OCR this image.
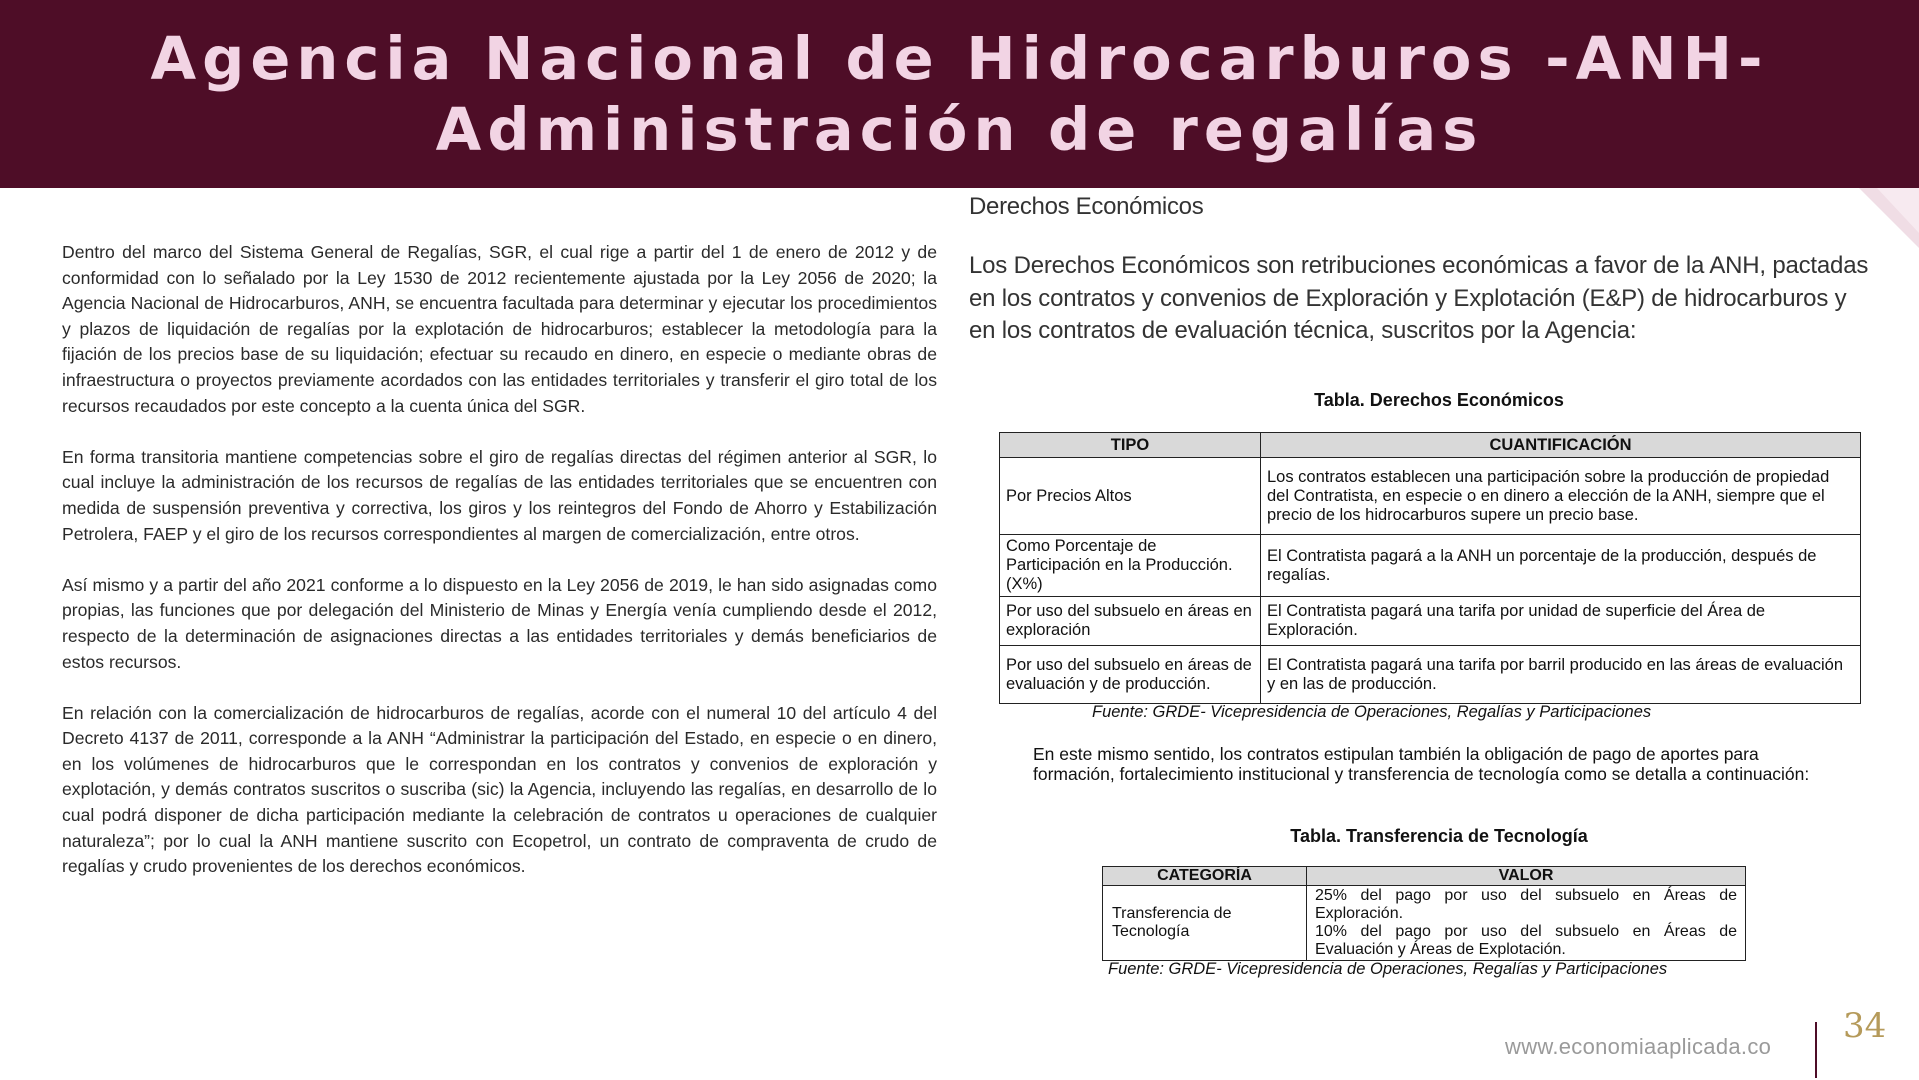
Agencia Nacional de Hidrocarburos -ANH-
Administración de regalías

Dentro del marco del Sistema General de Regalías, SGR, el cual rige a partir del 1 de enero de 2012 y de conformidad con lo señalado por la Ley 1530 de 2012 recientemente ajustada por la Ley 2056 de 2020; la Agencia Nacional de Hidrocarburos, ANH, se encuentra facultada para determinar y ejecutar los procedimientos y plazos de liquidación de regalías por la explotación de hidrocarburos; establecer la metodología para la fijación de los precios base de su liquidación; efectuar su recaudo en dinero, en especie o mediante obras de infraestructura o proyectos previamente acordados con las entidades territoriales y transferir el giro total de los recursos recaudados por este concepto a la cuenta única del SGR.

En forma transitoria mantiene competencias sobre el giro de regalías directas del régimen anterior al SGR, lo cual incluye la administración de los recursos de regalías de las entidades territoriales que se encuentren con medida de suspensión preventiva y correctiva, los giros y los reintegros del Fondo de Ahorro y Estabilización Petrolera, FAEP y el giro de los recursos correspondientes al margen de comercialización, entre otros.

Así mismo y a partir del año 2021 conforme a lo dispuesto en la Ley 2056 de 2019, le han sido asignadas como propias, las funciones que por delegación del Ministerio de Minas y Energía venía cumpliendo desde el 2012, respecto de la determinación de asignaciones directas a las entidades territoriales y demás beneficiarios de estos recursos.

En relación con la comercialización de hidrocarburos de regalías, acorde con el numeral 10 del artículo 4 del Decreto 4137 de 2011, corresponde a la ANH “Administrar la participación del Estado, en especie o en dinero, en los volúmenes de hidrocarburos que le correspondan en los contratos y convenios de exploración y explotación, y demás contratos suscritos o suscriba (sic) la Agencia, incluyendo las regalías, en desarrollo de lo cual podrá disponer de dicha participación mediante la celebración de contratos u operaciones de cualquier naturaleza”; por lo cual la ANH mantiene suscrito con Ecopetrol, un contrato de compraventa de crudo de regalías y crudo provenientes de los derechos económicos.

Derechos Económicos
Los Derechos Económicos son retribuciones económicas a favor de la ANH, pactadas en los contratos y convenios de Exploración y Explotación (E&P) de hidrocarburos y en los contratos de evaluación técnica, suscritos por la Agencia:
Tabla. Derechos Económicos
TIPO	CUANTIFICACIÓN
Por Precios Altos	Los contratos establecen una participación sobre la producción de propiedad del Contratista, en especie o en dinero a elección de la ANH, siempre que el precio de los hidrocarburos supere un precio base.
Como Porcentaje de Participación en la Producción. (X%)	El Contratista pagará a la ANH un porcentaje de la producción, después de regalías.
Por uso del subsuelo en áreas en exploración	El Contratista pagará una tarifa por unidad de superficie del Área de Exploración.
Por uso del subsuelo en áreas de evaluación y de producción.	El Contratista pagará una tarifa por barril producido en las áreas de evaluación y en las de producción.
Fuente: GRDE- Vicepresidencia de Operaciones, Regalías y Participaciones
En este mismo sentido, los contratos estipulan también la obligación de pago de aportes para formación, fortalecimiento institucional y transferencia de tecnología como se detalla a continuación:
Tabla. Transferencia de Tecnología
CATEGORÍA	VALOR
Transferencia de Tecnología	25% del pago por uso del subsuelo en Áreas de Exploración.
10% del pago por uso del subsuelo en Áreas de Evaluación y Áreas de Explotación.
Fuente: GRDE- Vicepresidencia de Operaciones, Regalías y Participaciones
www.economiaaplicada.co
34
